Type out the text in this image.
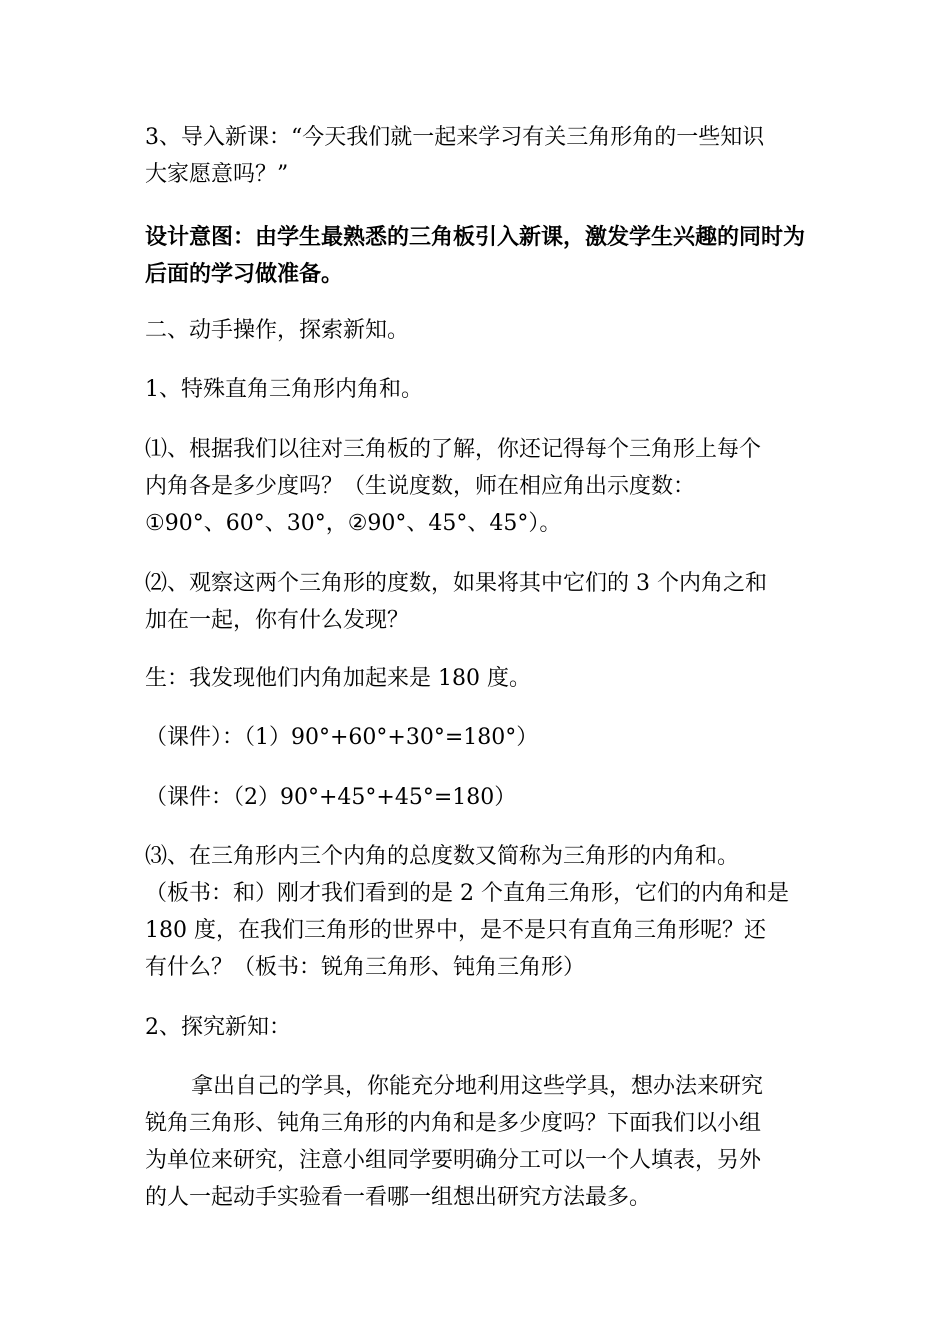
3、导入新课：“今天我们就一起来学习有关三角形角的一些知识
大家愿意吗？”
设计意图：由学生最熟悉的三角板引入新课，激发学生兴趣的同时为
后面的学习做准备。
二、动手操作，探索新知。
1、特殊直角三角形内角和。
⑴、根据我们以往对三角板的了解，你还记得每个三角形上每个
内角各是多少度吗？（生说度数，师在相应角出示度数：
①90°、60°、30°，②90°、45°、45°）。
⑵、观察这两个三角形的度数，如果将其中它们的 3 个内角之和
加在一起，你有什么发现？
生：我发现他们内角加起来是 180 度。
（课件）：（1）90°+60°+30°=180°）
（课件：（2）90°+45°+45°=180）
⑶、在三角形内三个内角的总度数又简称为三角形的内角和。
（板书：和）刚才我们看到的是 2 个直角三角形，它们的内角和是
180 度，在我们三角形的世界中，是不是只有直角三角形呢？还
有什么？（板书：锐角三角形、钝角三角形）
2、探究新知：
拿出自己的学具，你能充分地利用这些学具，想办法来研究
锐角三角形、钝角三角形的内角和是多少度吗？下面我们以小组
为单位来研究，注意小组同学要明确分工可以一个人填表，另外
的人一起动手实验看一看哪一组想出研究方法最多。
